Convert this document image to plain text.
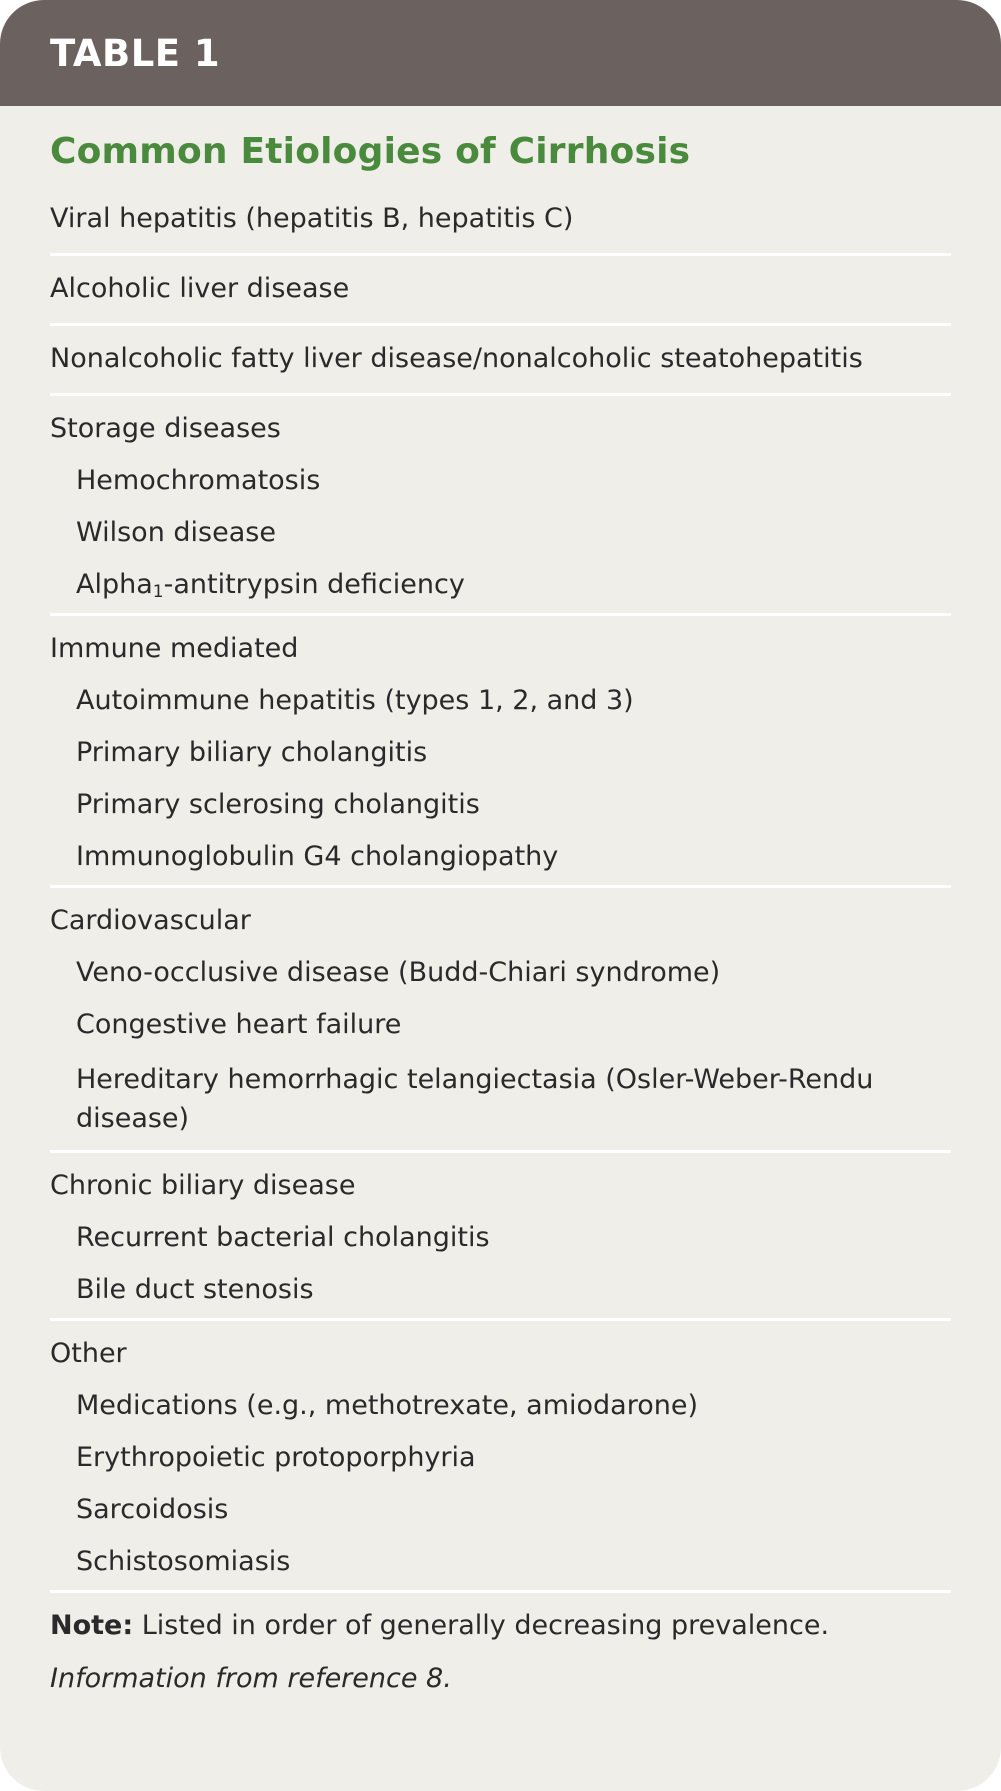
TABLE 1
Common Etiologies of Cirrhosis
Viral hepatitis (hepatitis B, hepatitis C)
Alcoholic liver disease
Nonalcoholic fatty liver disease/nonalcoholic steatohepatitis
Storage diseases
Hemochromatosis
Wilson disease
Alpha$_1$-antitrypsin deficiency
Immune mediated
Autoimmune hepatitis (types 1, 2, and 3)
Primary biliary cholangitis
Primary sclerosing cholangitis
Immunoglobulin G4 cholangiopathy
Cardiovascular
Veno-occlusive disease (Budd-Chiari syndrome)
Congestive heart failure
Hereditary hemorrhagic telangiectasia (Osler-Weber-Rendu disease)
Chronic biliary disease
Recurrent bacterial cholangitis
Bile duct stenosis
Other
Medications (e.g., methotrexate, amiodarone)
Erythropoietic protoporphyria
Sarcoidosis
Schistosomiasis
Note: Listed in order of generally decreasing prevalence.
Information from reference 8.
